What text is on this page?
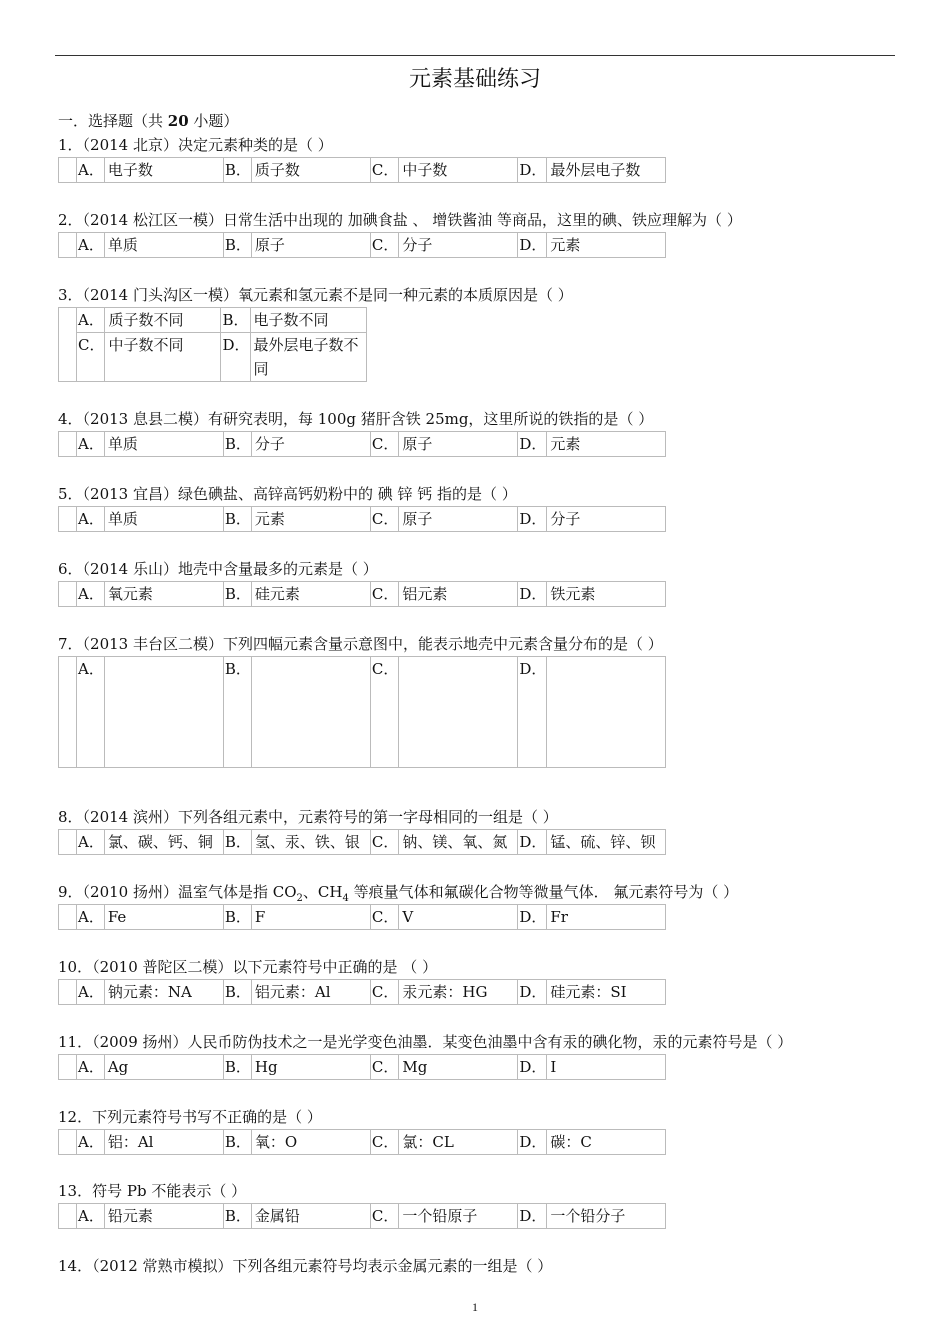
元素基础练习
一．选择题（共 20 小题）
1．（2014 北京）决定元素种类的是（ ）
	A．	电子数	B．	质子数	C．	中子数	D．	最外层电子数
2．（2014 松江区一模）日常生活中出现的 加碘食盐 、 增铁酱油 等商品，这里的碘、铁应理解为（ ）
	A．	单质	B．	原子	C．	分子	D．	元素
3．（2014 门头沟区一模）氧元素和氢元素不是同一种元素的本质原因是（ ）
	A．	质子数不同	B．	电子数不同
	C．	中子数不同	D．	最外层电子数不同
4．（2013 息县二模）有研究表明，每 100g 猪肝含铁 25mg，这里所说的铁指的是（ ）
	A．	单质	B．	分子	C．	原子	D．	元素
5．（2013 宜昌）绿色碘盐、高锌高钙奶粉中的 碘 锌 钙 指的是（ ）
	A．	单质	B．	元素	C．	原子	D．	分子
6．（2014 乐山）地壳中含量最多的元素是（ ）
	A．	氧元素	B．	硅元素	C．	铝元素	D．	铁元素
7．（2013 丰台区二模）下列四幅元素含量示意图中，能表示地壳中元素含量分布的是（ ）
	A．		B．		C．		D．	
8．（2014 滨州）下列各组元素中，元素符号的第一字母相同的一组是（ ）
	A．	氯、碳、钙、铜	B．	氢、汞、铁、银	C．	钠、镁、氧、氮	D．	锰、硫、锌、钡
9．（2010 扬州）温室气体是指 $CO_2$、$CH_4$ 等痕量气体和氟碳化合物等微量气体． 氟元素符号为（ ）
	A．	Fe	B．	F	C．	V	D．	Fr
10．（2010 普陀区二模）以下元素符号中正确的是 （ ）
	A．	钠元素：NA	B．	铝元素：Al	C．	汞元素：HG	D．	硅元素：SI
11．（2009 扬州）人民币防伪技术之一是光学变色油墨．某变色油墨中含有汞的碘化物，汞的元素符号是（ ）
	A．	Ag	B．	Hg	C．	Mg	D．	I
12．下列元素符号书写不正确的是（ ）
	A．	铝：Al	B．	氧：O	C．	氯：CL	D．	碳：C
13．符号 Pb 不能表示（ ）
	A．	铅元素	B．	金属铅	C．	一个铅原子	D．	一个铅分子
14．（2012 常熟市模拟）下列各组元素符号均表示金属元素的一组是（ ）
1
